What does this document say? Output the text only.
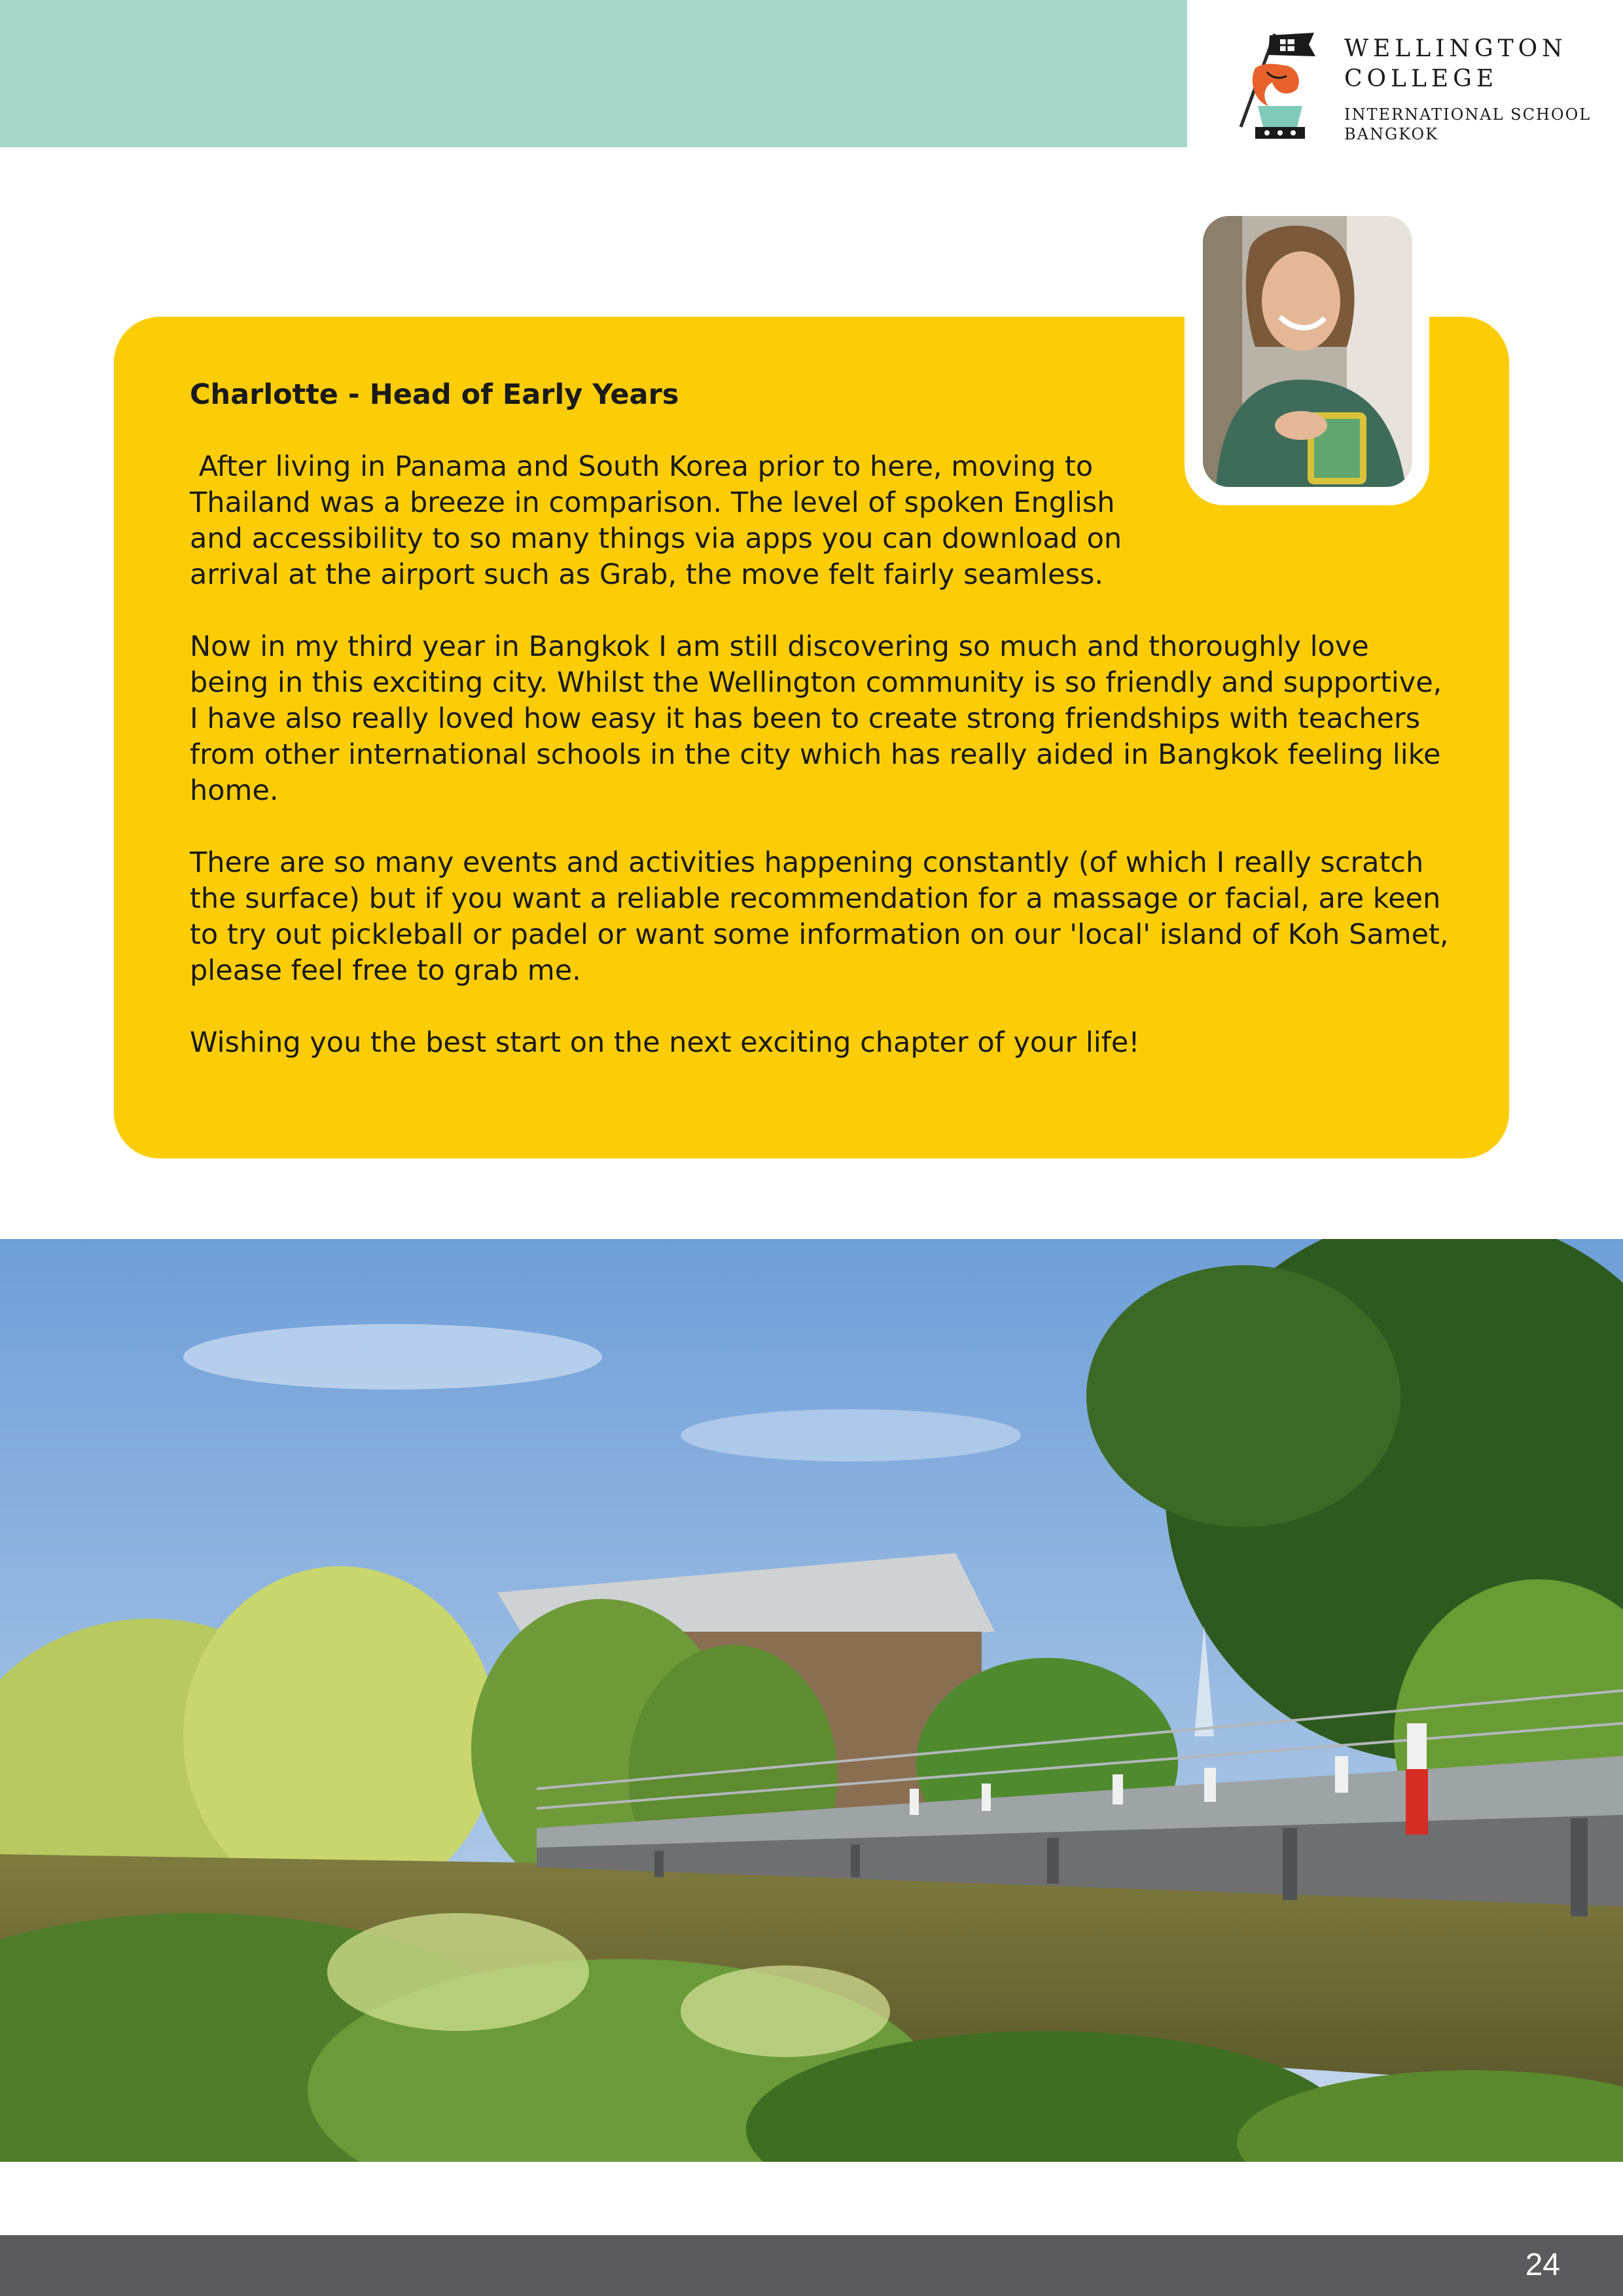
WELLINGTON
COLLEGE
INTERNATIONAL SCHOOL
BANGKOK
Charlotte - Head of Early Years

After living in Panama and South Korea prior to here, moving to Thailand was a breeze in comparison. The level of spoken English and accessibility to so many things via apps you can download on arrival at the airport such as Grab, the move felt fairly seamless.

Now in my third year in Bangkok I am still discovering so much and thoroughly love being in this exciting city. Whilst the Wellington community is so friendly and supportive, I have also really loved how easy it has been to create strong friendships with teachers from other international schools in the city which has really aided in Bangkok feeling like home.

There are so many events and activities happening constantly (of which I really scratch the surface) but if you want a reliable recommendation for a massage or facial, are keen to try out pickleball or padel or want some information on our 'local' island of Koh Samet, please feel free to grab me.

Wishing you the best start on the next exciting chapter of your life!

24
